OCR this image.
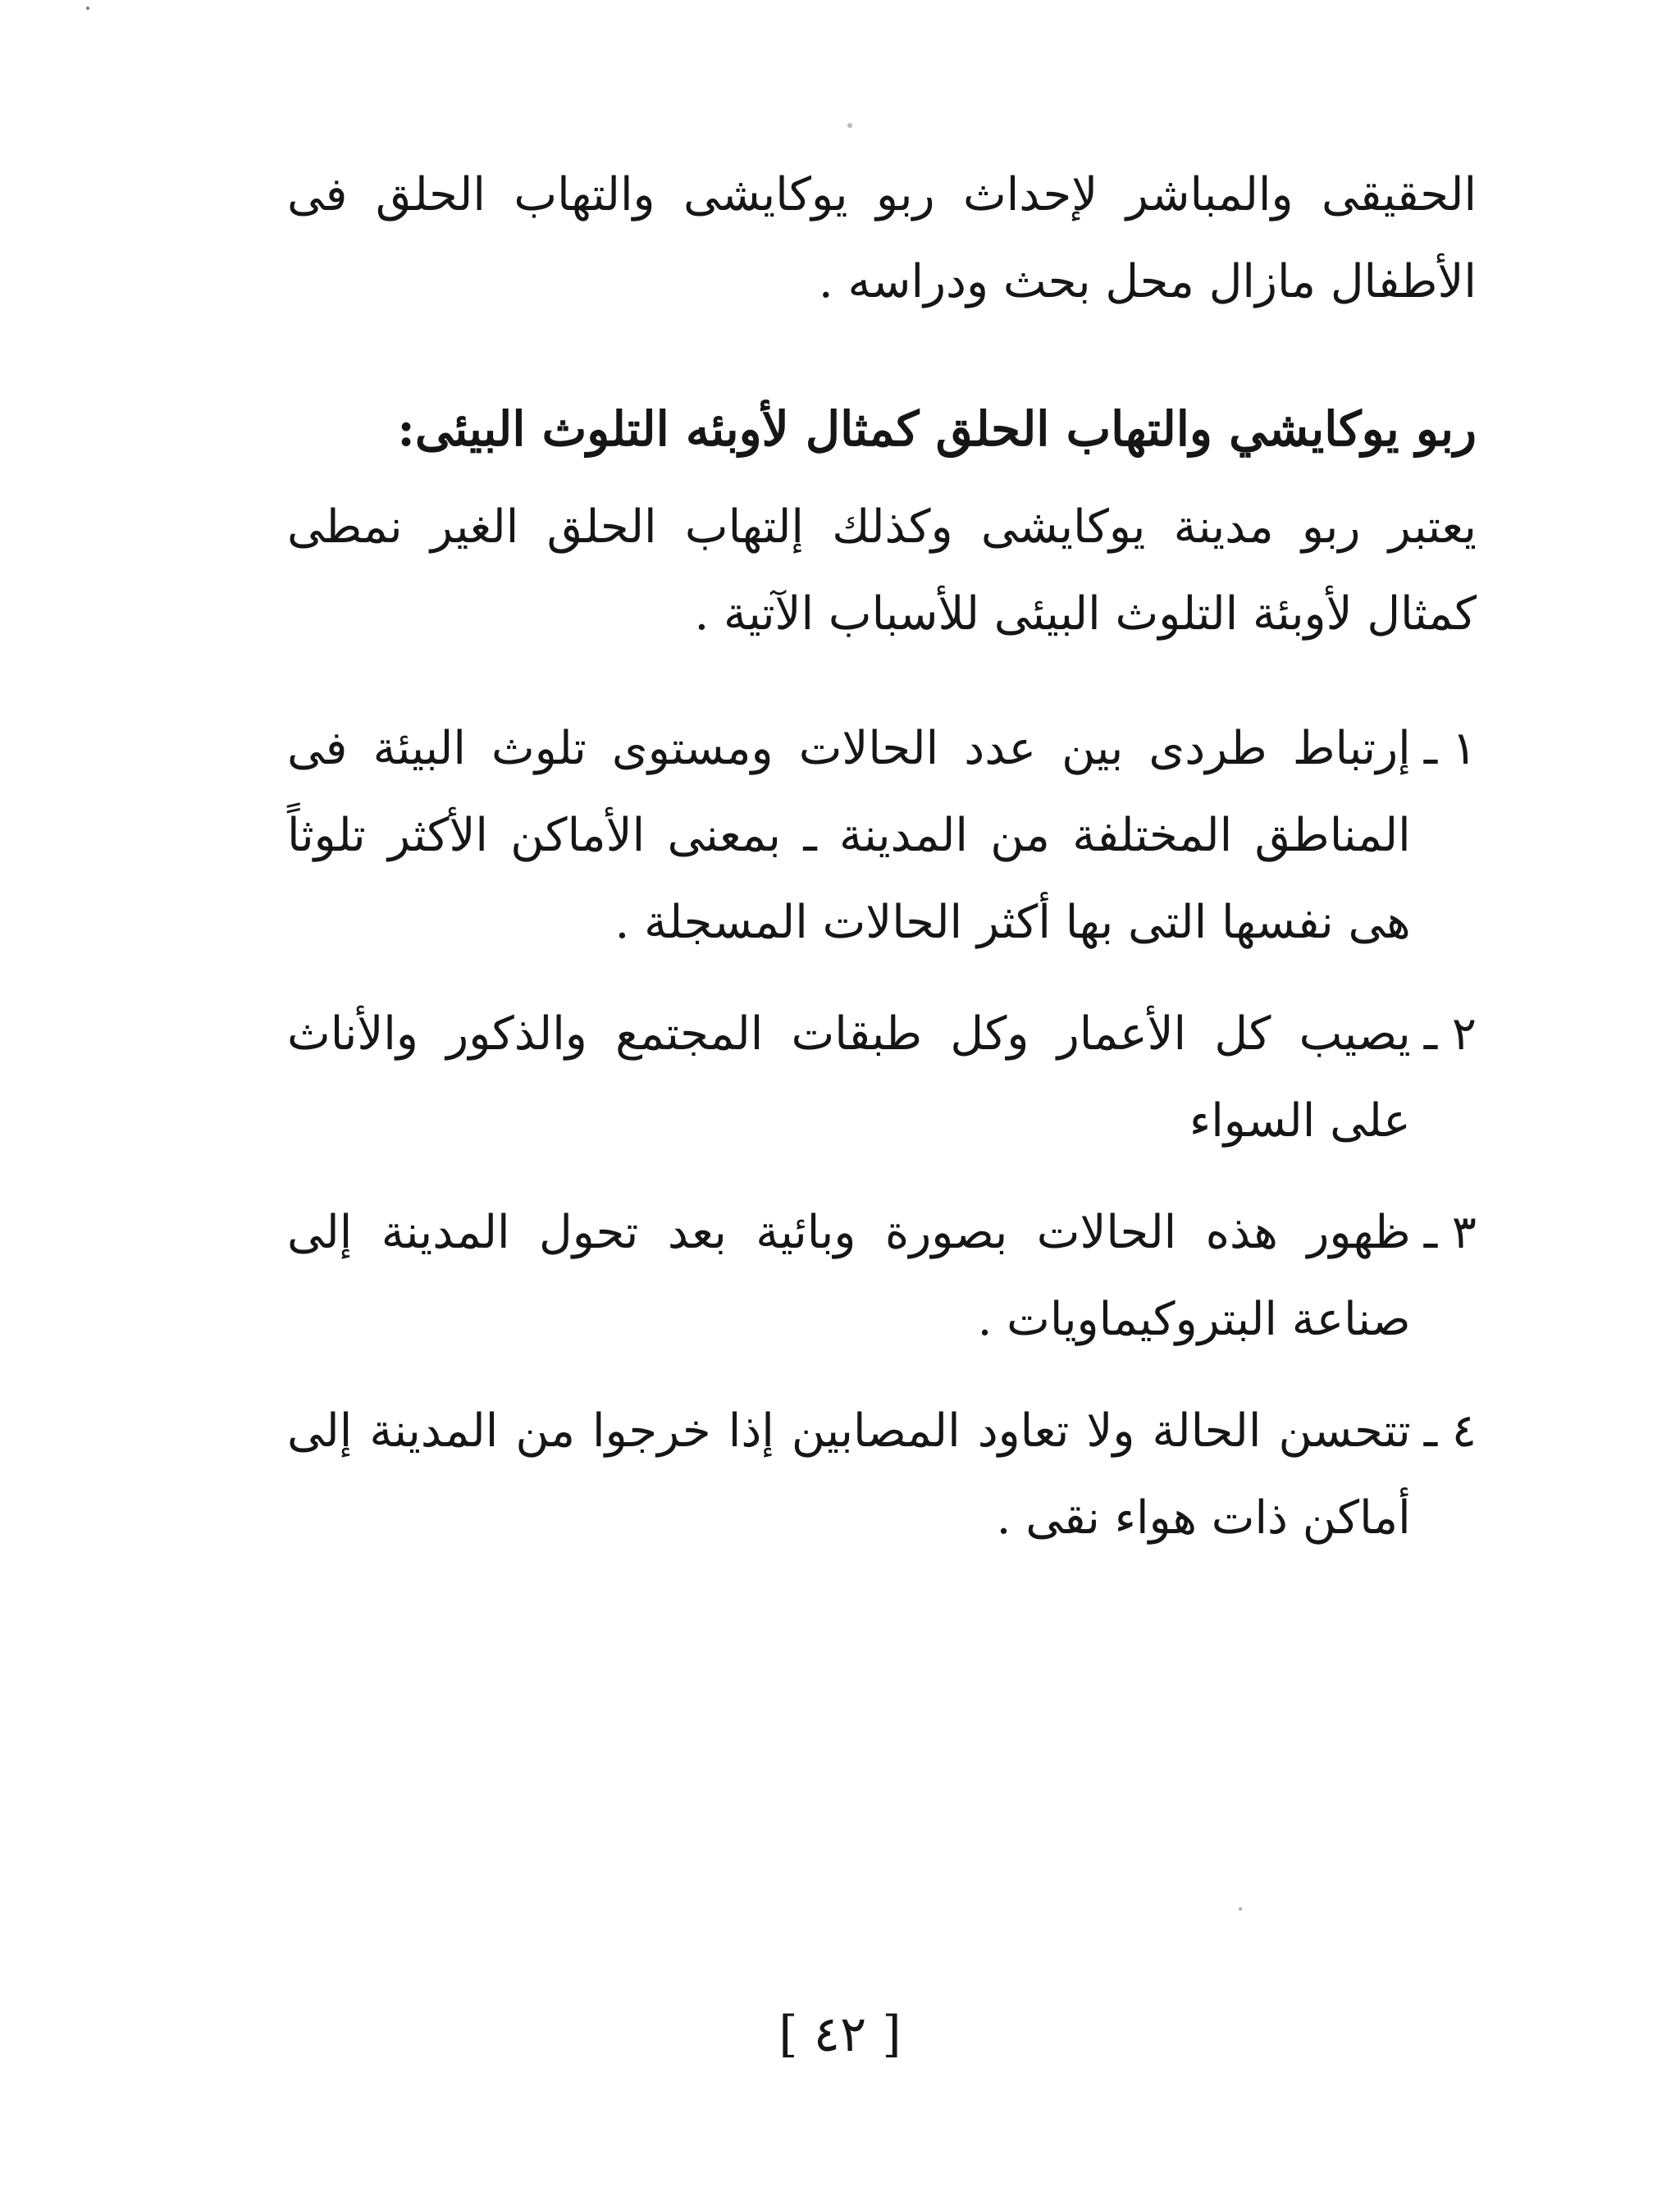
الحقيقى والمباشر لإحداث ربو يوكايشى والتهاب الحلق فى الأطفال مازال محل بحث ودراسه .

ربو يوكايشي والتهاب الحلق كمثال لأوبئه التلوث البيئى:

يعتبر ربو مدينة يوكايشى وكذلك إلتهاب الحلق الغير نمطى كمثال لأوبئة التلوث البيئى للأسباب الآتية .

١ ـ
إرتباط طردى بين عدد الحالات ومستوى تلوث البيئة فى المناطق المختلفة من المدينة ـ بمعنى الأماكن الأكثر تلوثاً هى نفسها التى بها أكثر الحالات المسجلة .
٢ ـ
يصيب كل الأعمار وكل طبقات المجتمع والذكور والأناث على السواء
٣ ـ
ظهور هذه الحالات بصورة وبائية بعد تحول المدينة إلى صناعة البتروكيماويات .
٤ ـ
تتحسن الحالة ولا تعاود المصابين إذا خرجوا من المدينة إلى أماكن ذات هواء نقى .
[ ٤٢ ]
